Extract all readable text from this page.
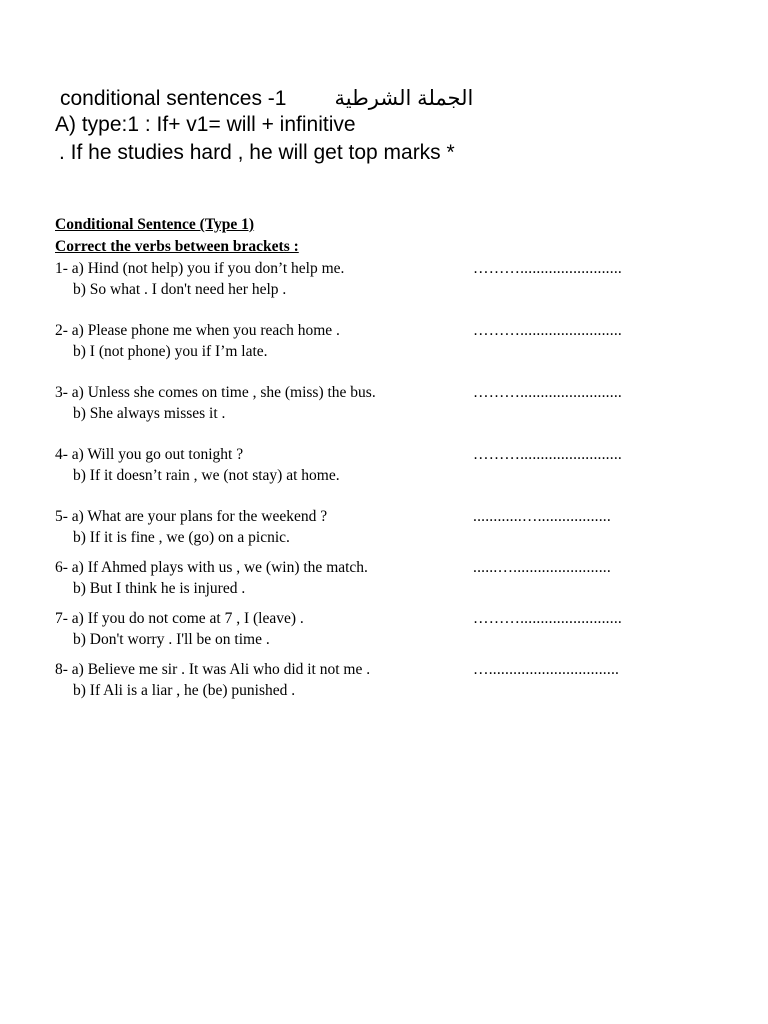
conditional sentences -1 الجملة الشرطية
A) type:1 : If+ v1= will + infinitive
. If he studies hard , he will get top marks *
Conditional Sentence (Type 1)
Correct the verbs between brackets :
1- a) Hind (not help) you if you don’t help me.	……….........................
b) So what . I don't need her help .
2- a) Please phone me when you reach home .	……….........................
b) I (not phone) you if I’m late.
3- a) Unless she comes on time , she (miss) the bus.	……….........................
b) She always misses it .
4- a) Will you go out tonight ?	……….........................
b) If it doesn’t rain , we (not stay) at home.
5- a) What are your plans for the weekend ?	............…..................
b) If it is fine , we (go) on a picnic.
6- a) If Ahmed plays with us , we (win) the match.	......…........................
b) But I think he is injured .
7- a) If you do not come at 7 , I (leave) .	……….........................
b) Don't worry . I'll be on time .
8- a) Believe me sir . It was Ali who did it not me .	…................................
b) If Ali is a liar , he (be) punished .
